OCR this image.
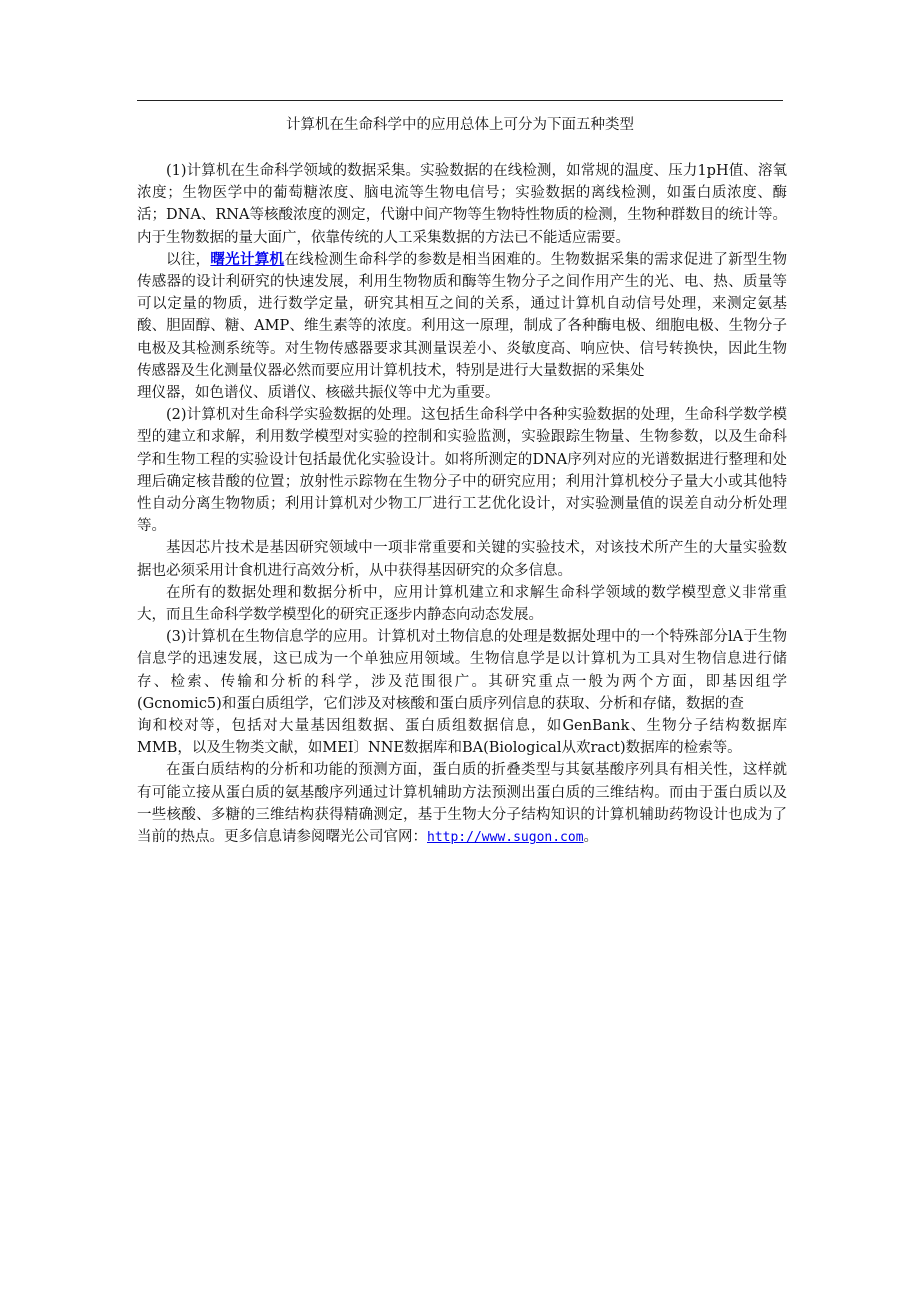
计算机在生命科学中的应用总体上可分为下面五种类型

(1)计算机在生命科学领域的数据采集。实验数据的在线检测，如常规的温度、压力1pH值、溶氧浓度；生物医学中的葡萄糖浓度、脑电流等生物电信号；实验数据的离线检测，如蛋白质浓度、酶活；DNA、RNA等核酸浓度的测定，代谢中间产物等生物特性物质的检测，生物种群数目的统计等。内于生物数据的量大面广，依靠传统的人工采集数据的方法已不能适应需要。

以往，曙光计算机在线检测生命科学的参数是相当困难的。生物数据采集的需求促进了新型生物传感器的设计利研究的快速发展，利用生物物质和酶等生物分子之间作用产生的光、电、热、质量等可以定量的物质，进行数学定量，研究其相互之间的关系，通过计算机自动信号处理，来测定氨基酸、胆固醇、糖、AMP、维生素等的浓度。利用这一原理，制成了各种酶电极、细胞电极、生物分子电极及其检测系统等。对生物传感器要求其测量误差小、炎敏度高、响应快、信号转换快，因此生物传感器及生化测量仪器必然而要应用计算机技术，特别是进行大量数据的采集处

理仪器，如色谱仪、质谱仪、核磁共振仪等中尤为重要。

(2)计算机对生命科学实验数据的处理。这包括生命科学中各种实验数据的处理，生命科学数学模型的建立和求解，利用数学模型对实验的控制和实验监测，实验跟踪生物量、生物参数，以及生命科学和生物工程的实验设计包括最优化实验设计。如将所测定的DNA序列对应的光谱数据进行整理和处理后确定核昔酸的位置；放射性示踪物在生物分子中的研究应用；利用汁算机校分子量大小或其他特性自动分离生物物质；利用计算机对少物工厂进行工艺优化设计，对实验测量值的误差自动分析处理等。

基因芯片技术是基因研究领域中一项非常重要和关键的实验技术，对该技术所产生的大量实验数据也必须采用计食机进行高效分析，从中获得基因研究的众多信息。

在所有的数据处理和数据分析中，应用计算机建立和求解生命科学领域的数学模型意义非常重大，而且生命科学数学模型化的研究正逐步内静态向动态发展。

(3)计算机在生物信息学的应用。计算机对土物信息的处理是数据处理中的一个特殊部分lA于生物信息学的迅速发展，这已成为一个单独应用领域。生物信息学是以计算机为工具对生物信息进行储存、检索、传输和分析的科学，涉及范围很广。其研究重点一般为两个方面，即基因组学(Gcnomic5)和蛋白质组学，它们涉及对核酸和蛋白质序列信息的获取、分析和存储，数据的查

询和校对等，包括对大量基因组数据、蛋白质组数据信息，如GenBank、生物分子结构数据库MMB，以及生物类文献，如MEI〕NNE数据库和BA(Biological从欢ract)数据库的检索等。

在蛋白质结构的分析和功能的预测方面，蛋白质的折叠类型与其氨基酸序列具有相关性，这样就有可能立接从蛋白质的氨基酸序列通过计算机辅助方法预测出蛋白质的三维结构。而由于蛋白质以及一些核酸、多糖的三维结构获得精确测定，基于生物大分子结构知识的计算机辅助药物设计也成为了当前的热点。更多信息请参阅曙光公司官网：http://www.sugon.com。
